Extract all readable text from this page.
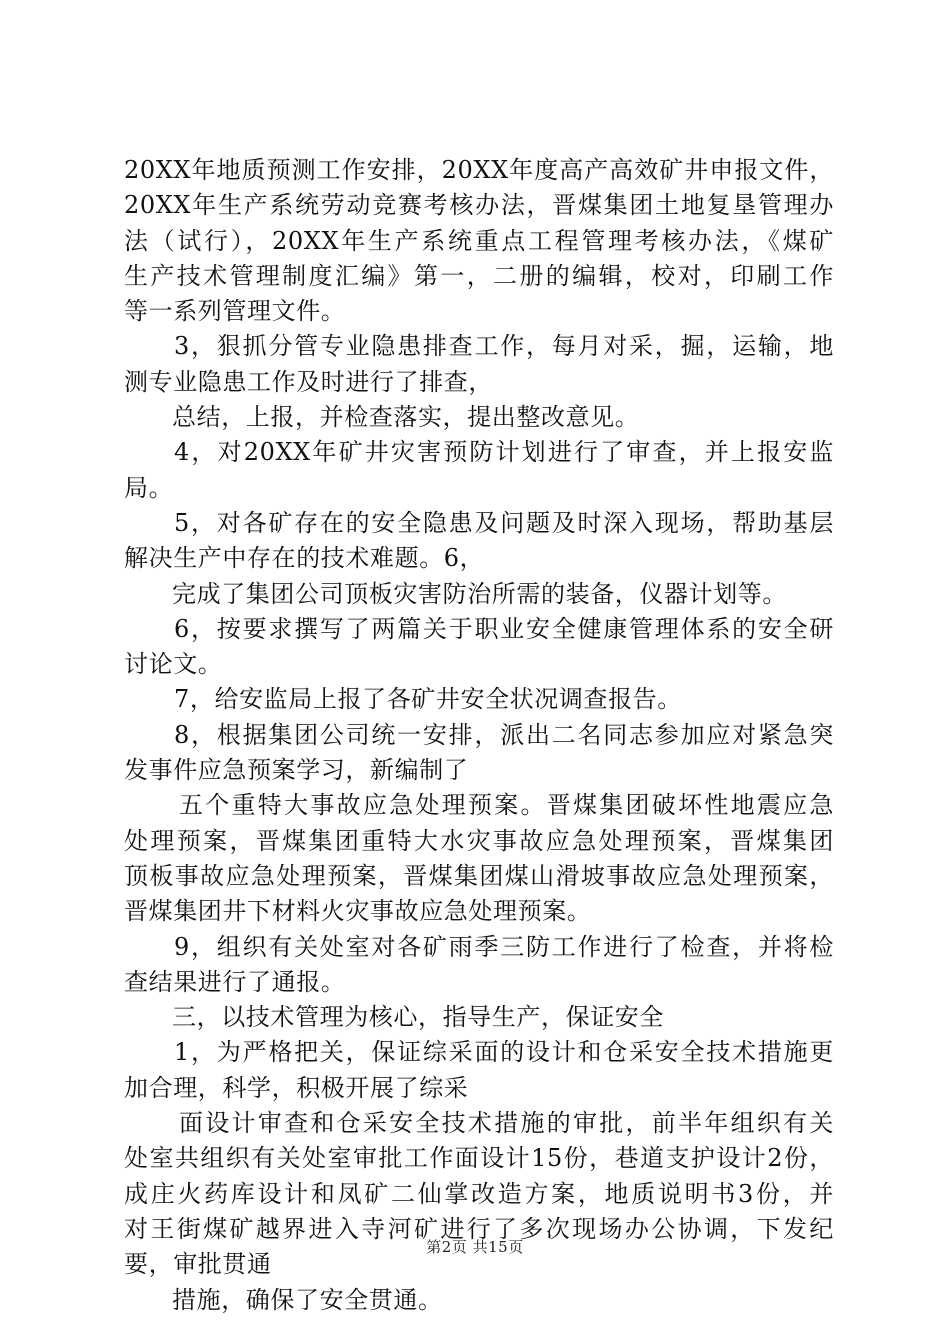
20XX年地质预测工作安排，20XX年度高产高效矿井申报文件，
20XX年生产系统劳动竞赛考核办法，晋煤集团土地复垦管理办
法（试行），20XX年生产系统重点工程管理考核办法，《煤矿
生产技术管理制度汇编》第一，二册的编辑，校对，印刷工作
等一系列管理文件。
3，狠抓分管专业隐患排查工作，每月对采，掘，运输，地
测专业隐患工作及时进行了排查，
总结，上报，并检查落实，提出整改意见。
4，对20XX年矿井灾害预防计划进行了审查，并上报安监
局。
5，对各矿存在的安全隐患及问题及时深入现场，帮助基层
解决生产中存在的技术难题。6，
完成了集团公司顶板灾害防治所需的装备，仪器计划等。
6，按要求撰写了两篇关于职业安全健康管理体系的安全研
讨论文。
7，给安监局上报了各矿井安全状况调查报告。
8，根据集团公司统一安排，派出二名同志参加应对紧急突
发事件应急预案学习，新编制了
五个重特大事故应急处理预案。晋煤集团破坏性地震应急
处理预案，晋煤集团重特大水灾事故应急处理预案，晋煤集团
顶板事故应急处理预案，晋煤集团煤山滑坡事故应急处理预案，
晋煤集团井下材料火灾事故应急处理预案。
9，组织有关处室对各矿雨季三防工作进行了检查，并将检
查结果进行了通报。
三，以技术管理为核心，指导生产，保证安全
1，为严格把关，保证综采面的设计和仓采安全技术措施更
加合理，科学，积极开展了综采
面设计审查和仓采安全技术措施的审批，前半年组织有关
处室共组织有关处室审批工作面设计15份，巷道支护设计2份，
成庄火药库设计和凤矿二仙掌改造方案，地质说明书3份，并
对王街煤矿越界进入寺河矿进行了多次现场办公协调，下发纪
要，审批贯通
措施，确保了安全贯通。
第2页 共15页
